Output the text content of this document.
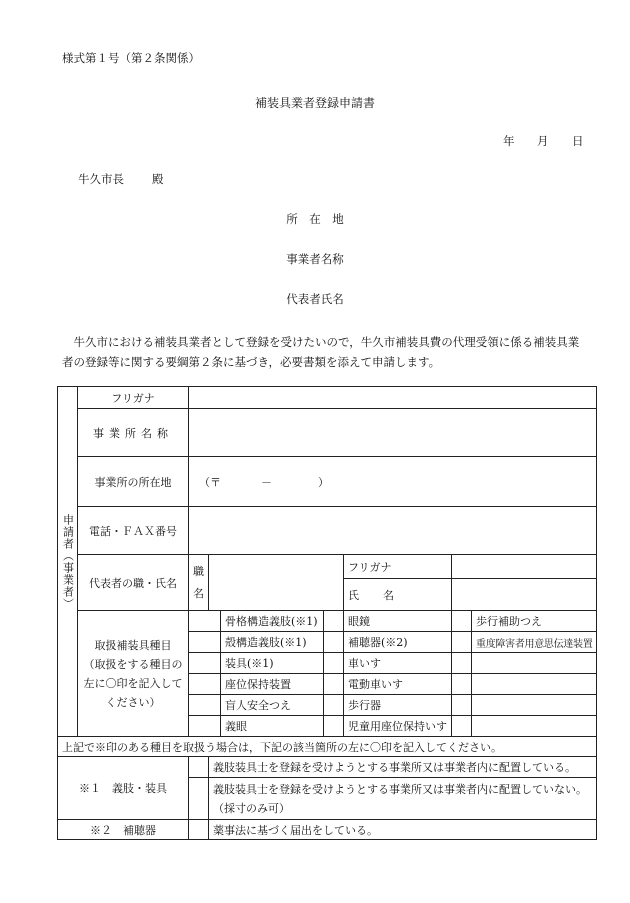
様式第１号（第２条関係）
補装具業者登録申請書
年 月 日
牛久市長 殿
所　在　地
事業者名称
代表者氏名
牛久市における補装具業者として登録を受けたいので，牛久市補装具費の代理受領に係る補装具業者の登録等に関する要綱第２条に基づき，必要書類を添えて申請します。
申請者（事業者）	フリガナ							
	事業所名称							
	事業所の所在地	（〒 － ）						
	電話・ＦＡＸ番号							
	代表者の職・氏名	職
名				フリガナ		
						氏 名		
	取扱補装具種目
（取扱をする種目の左に〇印を記入してください）			骨格構造義肢(※1)		眼鏡		歩行補助つえ
				殻構造義肢(※1)		補聴器(※2)		重度障害者用意思伝達装置
				装具(※1)		車いす		
				座位保持装置		電動車いす		
				盲人安全つえ		歩行器		
				義眼		児童用座位保持いす		
上記で※印のある種目を取扱う場合は，下記の該当箇所の左に〇印を記入してください。								
※１　義肢・装具			義肢装具士を登録を受けようとする事業所又は事業者内に配置している。					
			義肢装具士を登録を受けようとする事業所又は事業者内に配置していない。
（採寸のみ可）					
※２　補聴器			薬事法に基づく届出をしている。					
